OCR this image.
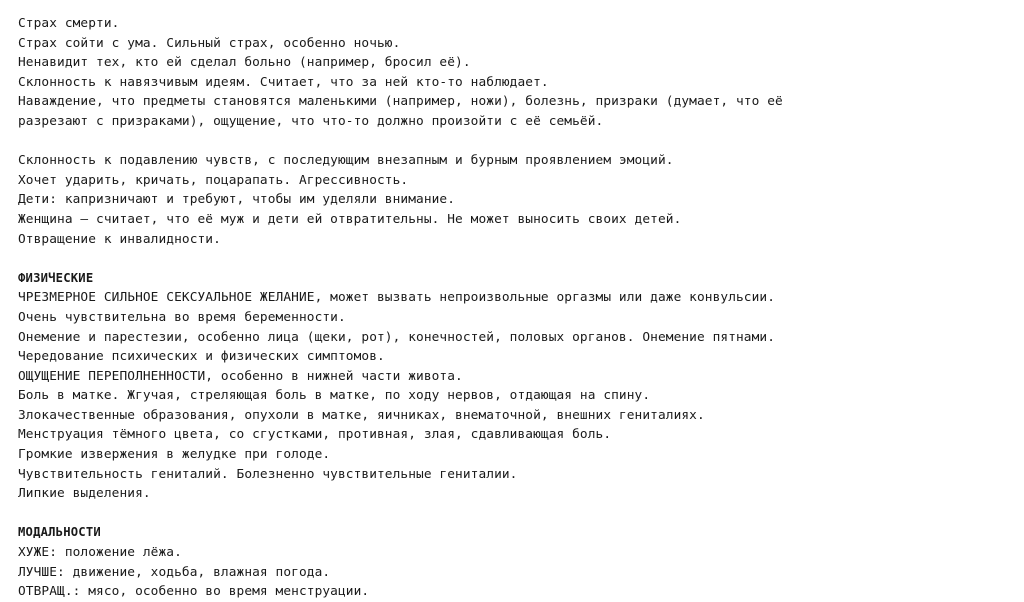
Страх смерти.
Страх сойти с ума. Сильный страх, особенно ночью.
Ненавидит тех, кто ей сделал больно (например, бросил её).
Склонность к навязчивым идеям. Считает, что за ней кто-то наблюдает.
Наваждение, что предметы становятся маленькими (например, ножи), болезнь, призраки (думает, что её
разрезают с призраками), ощущение, что что-то должно произойти с её семьёй.
Склонность к подавлению чувств, с последующим внезапным и бурным проявлением эмоций.
Хочет ударить, кричать, поцарапать. Агрессивность.
Дети: капризничают и требуют, чтобы им уделяли внимание.
Женщина – считает, что её муж и дети ей отвратительны. Не может выносить своих детей.
Отвращение к инвалидности.
ФИЗИЧЕСКИЕ
ЧРЕЗМЕРНОЕ СИЛЬНОЕ СЕКСУАЛЬНОЕ ЖЕЛАНИЕ, может вызвать непроизвольные оргазмы или даже конвульсии.
Очень чувствительна во время беременности.
Онемение и парестезии, особенно лица (щеки, рот), конечностей, половых органов. Онемение пятнами.
Чередование психических и физических симптомов.
ОЩУЩЕНИЕ ПЕРЕПОЛНЕННОСТИ, особенно в нижней части живота.
Боль в матке. Жгучая, стреляющая боль в матке, по ходу нервов, отдающая на спину.
Злокачественные образования, опухоли в матке, яичниках, внематочной, внешних гениталиях.
Менструация тёмного цвета, со сгустками, противная, злая, сдавливающая боль.
Громкие извержения в желудке при голоде.
Чувствительность гениталий. Болезненно чувствительные гениталии.
Липкие выделения.
МОДАЛЬНОСТИ
ХУЖЕ: положение лёжа.
ЛУЧШЕ: движение, ходьба, влажная погода.
ОТВРАЩ.: мясо, особенно во время менструации.
